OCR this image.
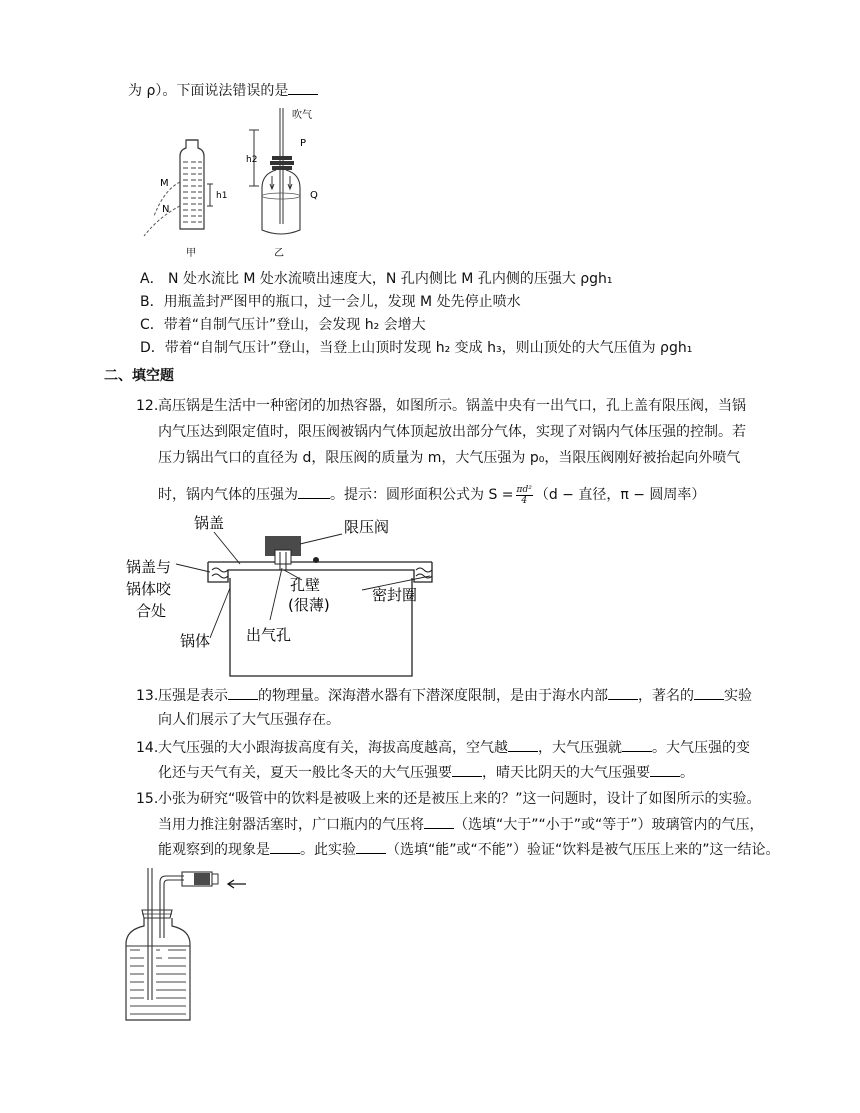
为 ρ）。下面说法错误的是
M
N
h1
甲
吹气
P
Q
h2
乙
A． N 处水流比 M 处水流喷出速度大，N 孔内侧比 M 孔内侧的压强大 ρgh₁
B．用瓶盖封严图甲的瓶口，过一会儿，发现 M 处先停止喷水
C．带着“自制气压计”登山，会发现 h₂ 会增大
D．带着“自制气压计”登山，当登上山顶时发现 h₂ 变成 h₃，则山顶处的大气压值为 ρgh₁
二、填空题
12.高压锅是生活中一种密闭的加热容器，如图所示。锅盖中央有一出气口，孔上盖有限压阀，当锅
内气压达到限定值时，限压阀被锅内气体顶起放出部分气体，实现了对锅内气体压强的控制。若
压力锅出气口的直径为 d，限压阀的质量为 m，大气压强为 p₀，当限压阀刚好被抬起向外喷气
时，锅内气体的压强为 。提示：圆形面积公式为 $S = \frac{\text{πd²}}{4} (d$ − 直径，π − 圆周率）
锅盖	限压阀
锅盖与
锅体咬
合处
孔壁
(很薄)
密封圈
锅体 出气孔
13.压强是表示 的物理量。深海潜水器有下潜深度限制，是由于海水内部 ，著名的 实验
向人们展示了大气压强存在。
14.大气压强的大小跟海拔高度有关，海拔高度越高，空气越 ，大气压强就 。大气压强的变
化还与天气有关，夏天一般比冬天的大气压强要 ，晴天比阴天的大气压强要 。
15.小张为研究“吸管中的饮料是被吸上来的还是被压上来的？”这一问题时，设计了如图所示的实验。
当用力推注射器活塞时，广口瓶内的气压将 （选填“大于”“小于”或“等于”）玻璃管内的气压，
能观察到的现象是 。此实验 （选填“能”或“不能”）验证“饮料是被气压压上来的”这一结论。
